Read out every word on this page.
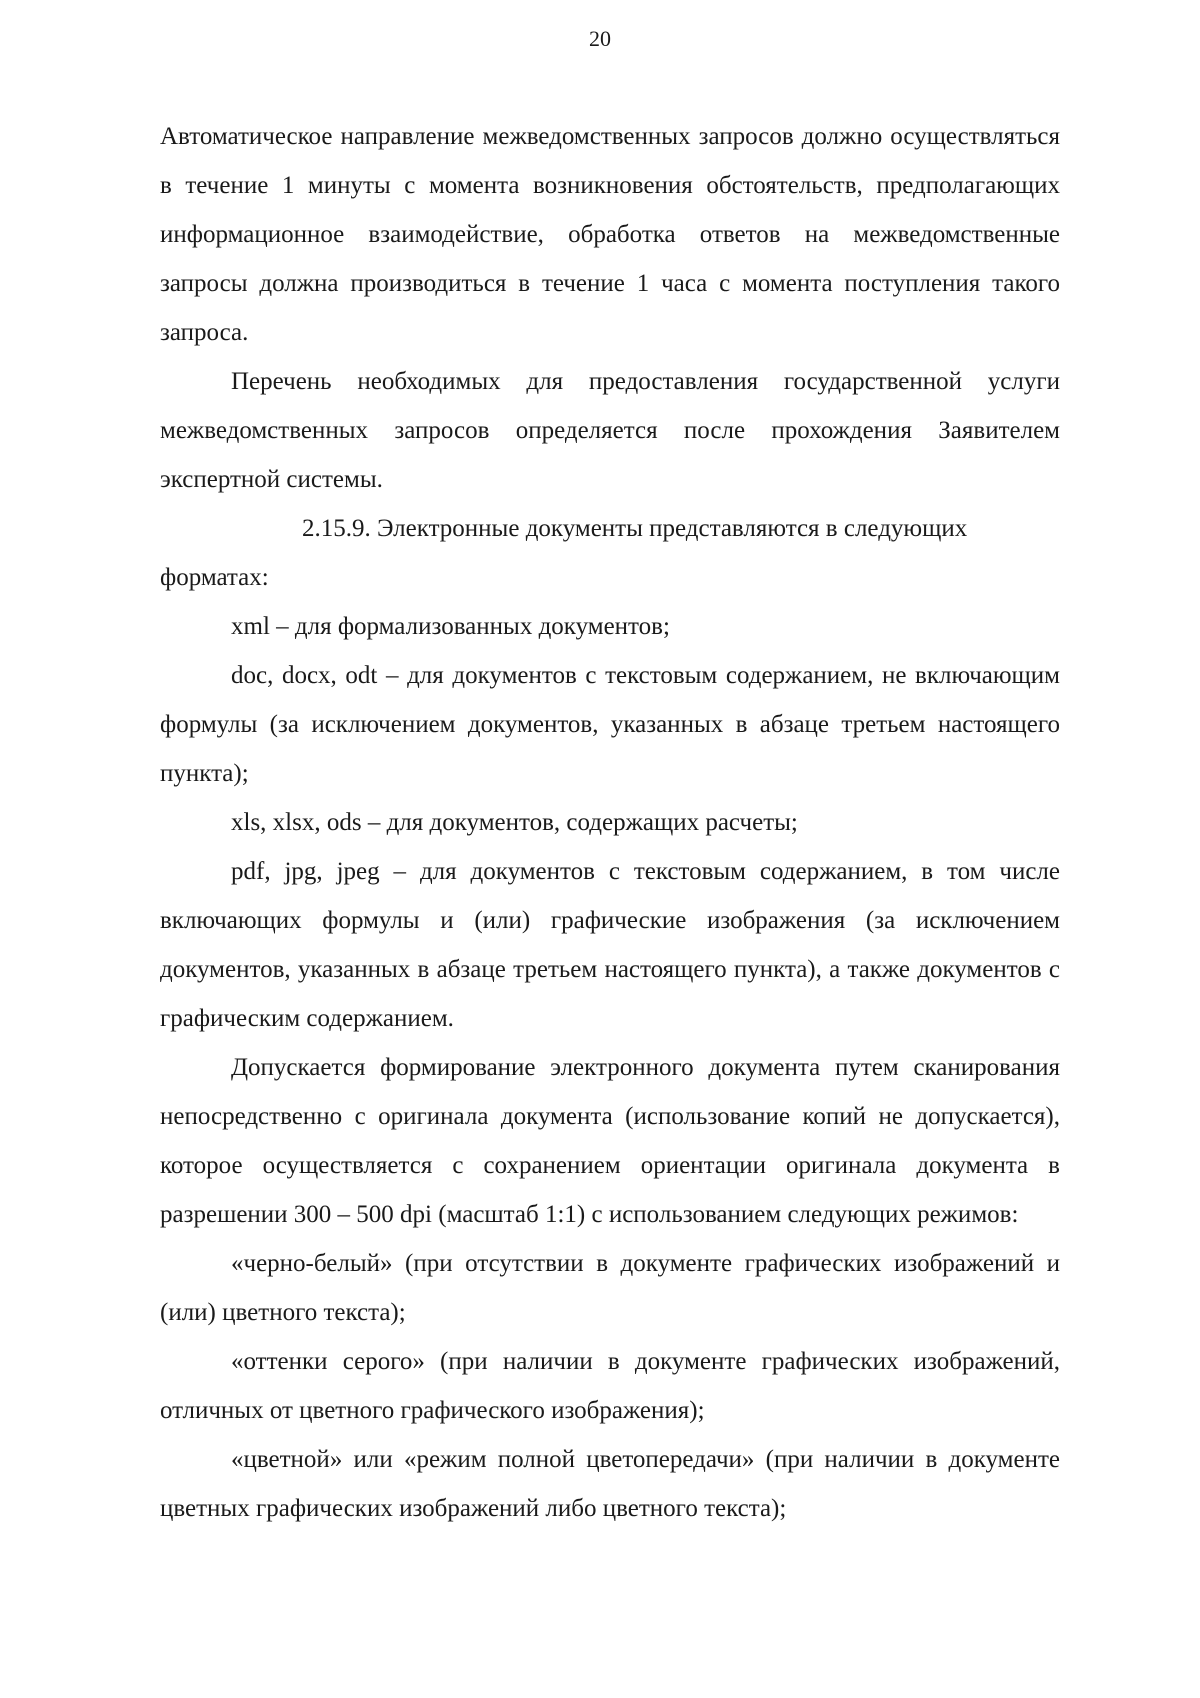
20

Автоматическое направление межведомственных запросов должно осуществляться в течение 1 минуты с момента возникновения обстоятельств, предполагающих информационное взаимодействие, обработка ответов на межведомственные запросы должна производиться в течение 1 часа с момента поступления такого запроса.

Перечень необходимых для предоставления государственной услуги межведомственных запросов определяется после прохождения Заявителем экспертной системы.

2.15.9. Электронные документы представляются в следующих форматах:

xml – для формализованных документов;

doc, docx, odt – для документов с текстовым содержанием, не включающим формулы (за исключением документов, указанных в абзаце третьем настоящего пункта);

xls, xlsx, ods – для документов, содержащих расчеты;

pdf, jpg, jpeg – для документов с текстовым содержанием, в том числе включающих формулы и (или) графические изображения (за исключением документов, указанных в абзаце третьем настоящего пункта), а также документов с графическим содержанием.

Допускается формирование электронного документа путем сканирования непосредственно с оригинала документа (использование копий не допускается), которое осуществляется с сохранением ориентации оригинала документа в разрешении 300 – 500 dpi (масштаб 1:1) с использованием следующих режимов:

«черно-белый» (при отсутствии в документе графических изображений и (или) цветного текста);

«оттенки серого» (при наличии в документе графических изображений, отличных от цветного графического изображения);

«цветной» или «режим полной цветопередачи» (при наличии в документе цветных графических изображений либо цветного текста);
